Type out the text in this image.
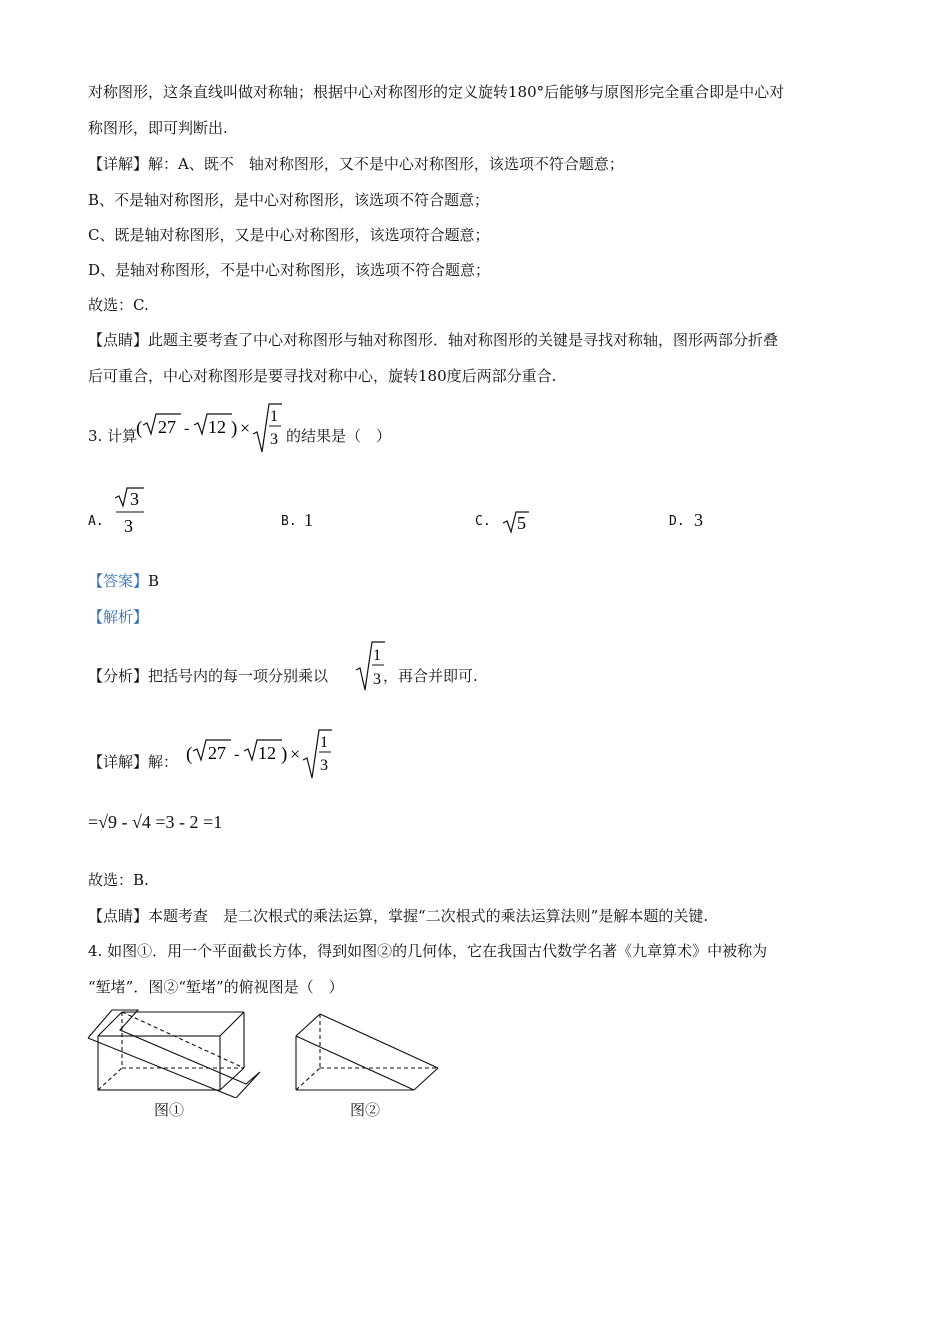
对称图形，这条直线叫做对称轴；根据中心对称图形的定义旋转180°后能够与原图形完全重合即是中心对
称图形，即可判断出.
【详解】解：A、既不　轴对称图形，又不是中心对称图形，该选项不符合题意；
B、不是轴对称图形，是中心对称图形，该选项不符合题意；
C、既是轴对称图形，又是中心对称图形，该选项符合题意；
D、是轴对称图形，不是中心对称图形，该选项不符合题意；
故选：C.
【点睛】此题主要考查了中心对称图形与轴对称图形．轴对称图形的关键是寻找对称轴，图形两部分折叠
后可重合，中心对称图形是要寻找对称中心，旋转180度后两部分重合.
3. 计算
( 27 - 12 ) ×
1
3 的结果是（　）
A.
3
3	B. 1	C. 5	D. 3
【答案】B
【解析】
【分析】把括号内的每一项分别乘以
1
3 ，再合并即可.
【详解】解： ( 27 - 12 ) ×
1
3
=√9 - √4 =3 - 2 =1
故选：B.
【点睛】本题考查　是二次根式的乘法运算，掌握“二次根式的乘法运算法则”是解本题的关键.
4. 如图①．用一个平面截长方体，得到如图②的几何体，它在我国古代数学名著《九章算术》中被称为
“堑堵”．图②“堑堵”的俯视图是（　）
图①	图②
